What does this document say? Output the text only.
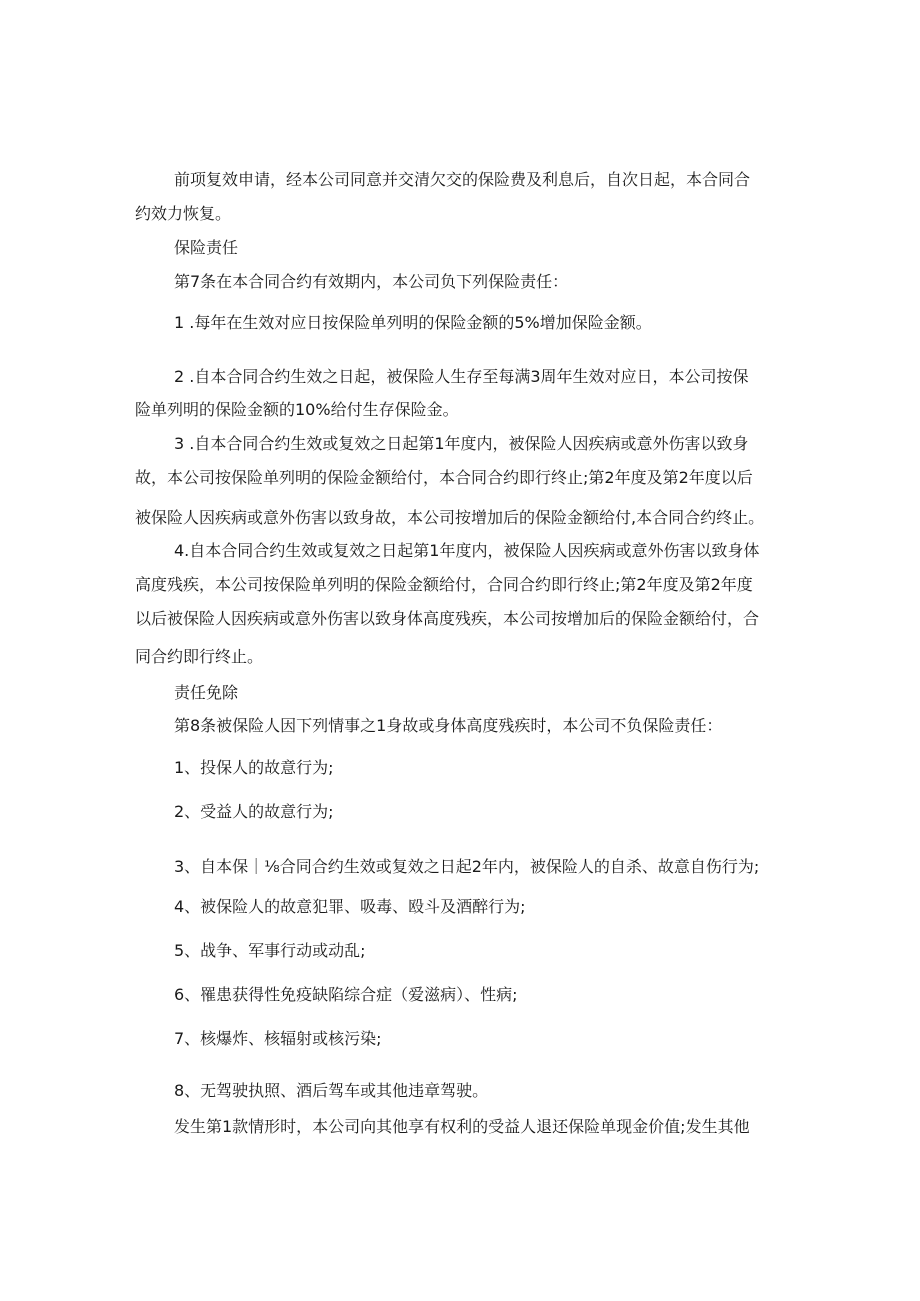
前项复效申请，经本公司同意并交清欠交的保险费及利息后，自次日起，本合同合
约效力恢复。
保险责任
第7条在本合同合约有效期内，本公司负下列保险责任：
1 .每年在生效对应日按保险单列明的保险金额的5%增加保险金额。
2 .自本合同合约生效之日起，被保险人生存至每满3周年生效对应日，本公司按保
险单列明的保险金额的10%给付生存保险金。
3 .自本合同合约生效或复效之日起第1年度内，被保险人因疾病或意外伤害以致身
故，本公司按保险单列明的保险金额给付，本合同合约即行终止;第2年度及第2年度以后
被保险人因疾病或意外伤害以致身故，本公司按增加后的保险金额给付,本合同合约终止。
4.自本合同合约生效或复效之日起第1年度内，被保险人因疾病或意外伤害以致身体
高度残疾，本公司按保险单列明的保险金额给付，合同合约即行终止;第2年度及第2年度
以后被保险人因疾病或意外伤害以致身体高度残疾，本公司按增加后的保险金额给付，合
同合约即行终止。
责任免除
第8条被保险人因下列情事之1身故或身体高度残疾时，本公司不负保险责任：
1、投保人的故意行为;
2、受益人的故意行为;
3、自本保｜⅛合同合约生效或复效之日起2年内，被保险人的自杀、故意自伤行为;
4、被保险人的故意犯罪、吸毒、殴斗及酒醉行为;
5、战争、军事行动或动乱;
6、罹患获得性免疫缺陷综合症（爱滋病）、性病;
7、核爆炸、核辐射或核污染;
8、无驾驶执照、酒后驾车或其他违章驾驶。
发生第1款情形时，本公司向其他享有权利的受益人退还保险单现金价值;发生其他
